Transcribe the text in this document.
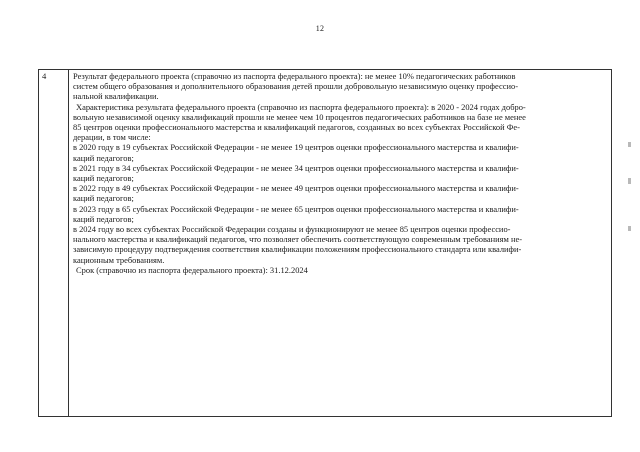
12
4	Результат федерального проекта (справочно из паспорта федерального проекта): не менее 10% педагогических работников

систем общего образования и дополнительного образования детей прошли добровольную независимую оценку профессио-

нальной квалификации.

Характеристика результата федерального проекта (справочно из паспорта федерального проекта): в 2020 - 2024 годах добро-

вольную независимой оценку квалификаций прошли не менее чем 10 процентов педагогических работников на базе не менее

85 центров оценки профессионального мастерства и квалификаций педагогов, созданных во всех субъектах Российской Фе-

дерации, в том числе:

в 2020 году в 19 субъектах Российской Федерации - не менее 19 центров оценки профессионального мастерства и квалифи-

каций педагогов;

в 2021 году в 34 субъектах Российской Федерации - не менее 34 центров оценки профессионального мастерства и квалифи-

каций педагогов;

в 2022 году в 49 субъектах Российской Федерации - не менее 49 центров оценки профессионального мастерства и квалифи-

каций педагогов;

в 2023 году в 65 субъектах Российской Федерации - не менее 65 центров оценки профессионального мастерства и квалифи-

каций педагогов;

в 2024 году во всех субъектах Российской Федерации созданы и функционируют не менее 85 центров оценки профессио-

нального мастерства и квалификаций педагогов, что позволяет обеспечить соответствующую современным требованиям не-

зависимую процедуру подтверждения соответствия квалификации положениям профессионального стандарта или квалифи-

кационным требованиям.

Срок (справочно из паспорта федерального проекта): 31.12.2024
